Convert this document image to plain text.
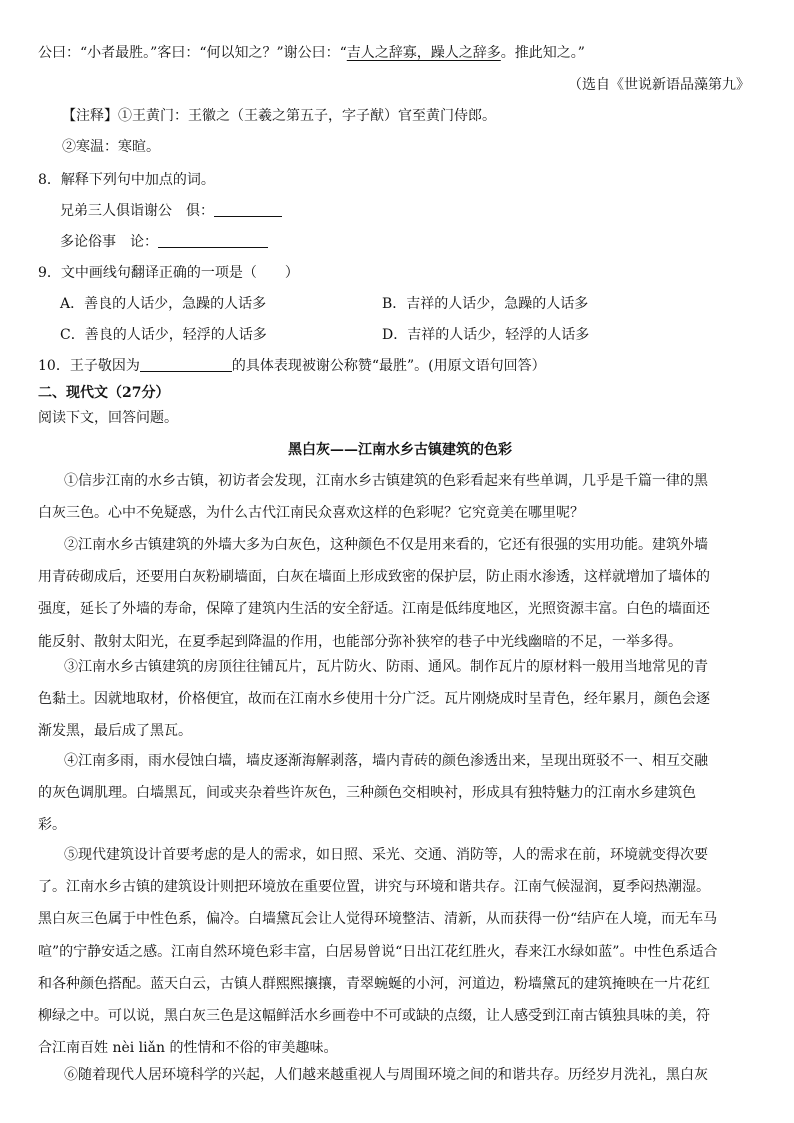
公曰：“小者最胜。”客曰：“何以知之？”谢公曰：“吉人之辞寡，躁人之辞多。推此知之。”
（选自《世说新语品藻第九》
【注释】①王黄门：王徽之（王羲之第五子，字子猷）官至黄门侍郎。
②寒温：寒暄。
8．解释下列句中加点的词。
兄弟三人俱诣谢公　俱：
多论俗事　论：
9．文中画线句翻译正确的一项是（　　）
A．善良的人话少，急躁的人话多	B．吉祥的人话少，急躁的人话多
C．善良的人话少，轻浮的人话多	D．吉祥的人话少，轻浮的人话多
10．王子敬因为	的具体表现被谢公称赞“最胜”。(用原文语句回答）
二、现代文（27分）
阅读下文，回答问题。
黑白灰——江南水乡古镇建筑的色彩
①信步江南的水乡古镇，初访者会发现，江南水乡古镇建筑的色彩看起来有些单调，几乎是千篇一律的黑
白灰三色。心中不免疑惑，为什么古代江南民众喜欢这样的色彩呢？它究竟美在哪里呢？
②江南水乡古镇建筑的外墙大多为白灰色，这种颜色不仅是用来看的，它还有很强的实用功能。建筑外墙
用青砖砌成后，还要用白灰粉刷墙面，白灰在墙面上形成致密的保护层，防止雨水渗透，这样就增加了墙体的
强度，延长了外墙的寿命，保障了建筑内生活的安全舒适。江南是低纬度地区，光照资源丰富。白色的墙面还
能反射、散射太阳光，在夏季起到降温的作用，也能部分弥补狭窄的巷子中光线幽暗的不足，一举多得。
③江南水乡古镇建筑的房顶往往铺瓦片，瓦片防火、防雨、通风。制作瓦片的原材料一般用当地常见的青
色黏土。因就地取材，价格便宜，故而在江南水乡使用十分广泛。瓦片刚烧成时呈青色，经年累月，颜色会逐
渐发黑，最后成了黑瓦。
④江南多雨，雨水侵蚀白墙，墙皮逐渐海解剥落，墙内青砖的颜色渗透出来，呈现出斑驳不一、相互交融
的灰色调肌理。白墙黑瓦，间或夹杂着些许灰色，三种颜色交相映衬，形成具有独特魅力的江南水乡建筑色
彩。
⑤现代建筑设计首要考虑的是人的需求，如日照、采光、交通、消防等，人的需求在前，环境就变得次要
了。江南水乡古镇的建筑设计则把环境放在重要位置，讲究与环境和谐共存。江南气候湿润，夏季闷热潮湿。
黑白灰三色属于中性色系，偏冷。白墙黛瓦会让人觉得环境整洁、清新，从而获得一份“结庐在人境，而无车马
喧”的宁静安适之感。江南自然环境色彩丰富，白居易曾说“日出江花红胜火，春来江水绿如蓝”。中性色系适合
和各种颜色搭配。蓝天白云，古镇人群熙熙攘攘，青翠蜿蜒的小河，河道边，粉墙黛瓦的建筑掩映在一片花红
柳绿之中。可以说，黑白灰三色是这幅鲜活水乡画卷中不可或缺的点缀，让人感受到江南古镇独具味的美，符
合江南百姓 nèi liǎn 的性情和不俗的审美趣味。
⑥随着现代人居环境科学的兴起，人们越来越重视人与周围环境之间的和谐共存。历经岁月洗礼，黑白灰
